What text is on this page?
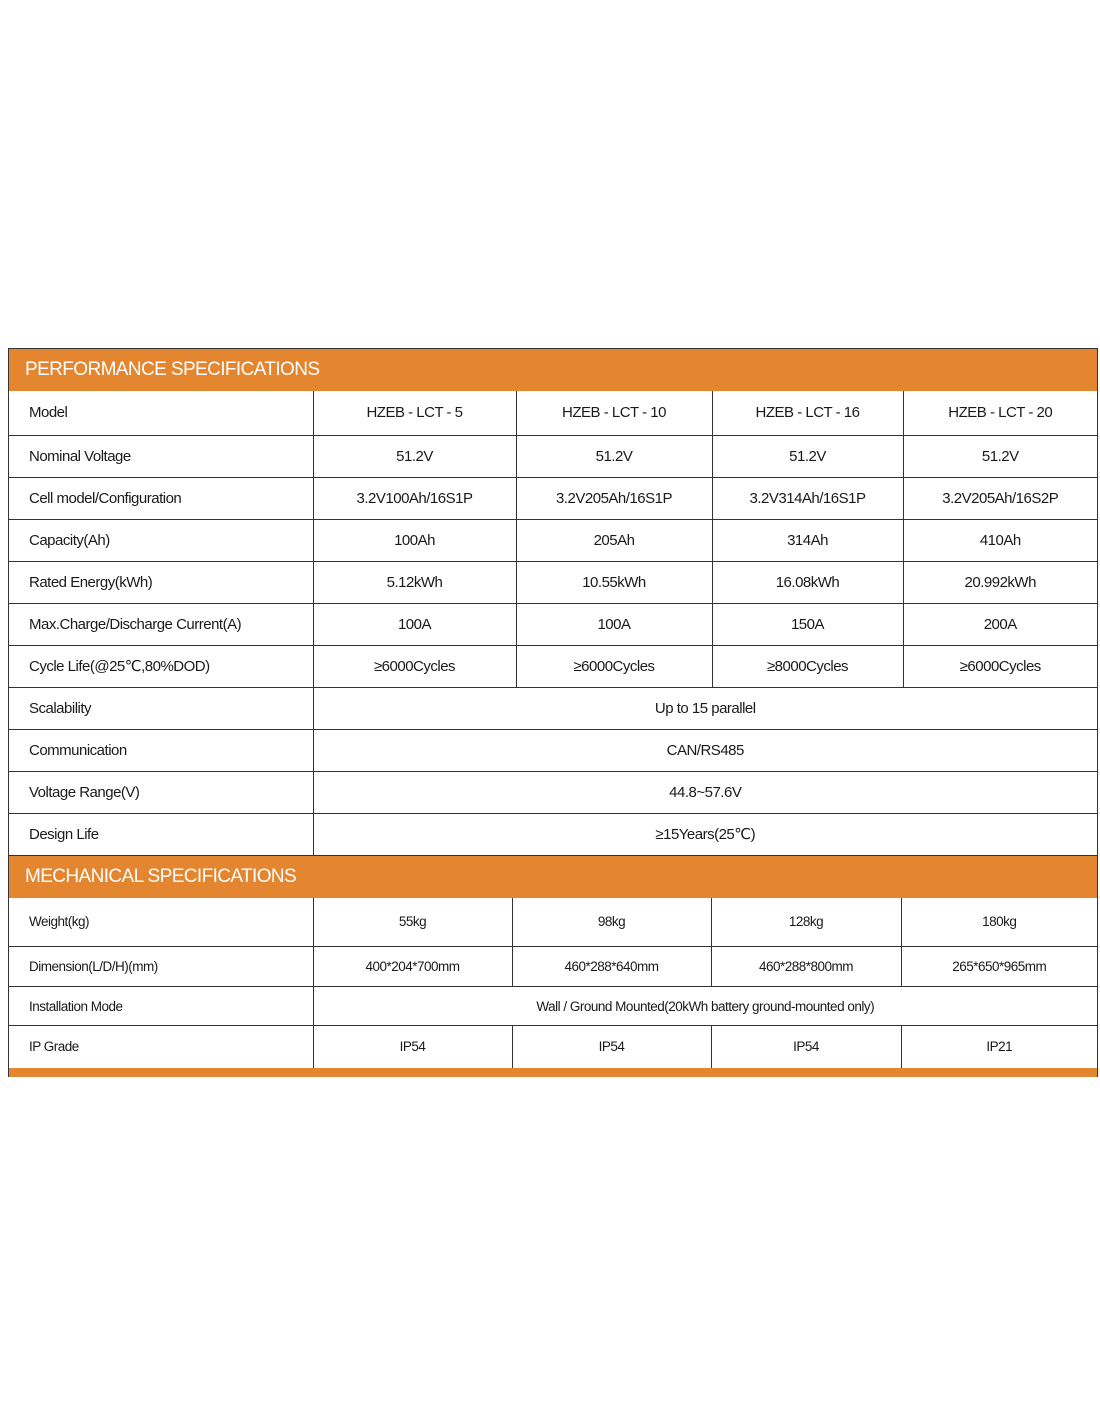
PERFORMANCE SPECIFICATIONS
Model	HZEB - LCT - 5	HZEB - LCT - 10	HZEB - LCT - 16	HZEB - LCT - 20
Nominal Voltage	51.2V	51.2V	51.2V	51.2V
Cell model/Configuration	3.2V100Ah/16S1P	3.2V205Ah/16S1P	3.2V314Ah/16S1P	3.2V205Ah/16S2P
Capacity(Ah)	100Ah	205Ah	314Ah	410Ah
Rated Energy(kWh)	5.12kWh	10.55kWh	16.08kWh	20.992kWh
Max.Charge/Discharge Current(A)	100A	100A	150A	200A
Cycle Life(@25℃,80%DOD)	≥6000Cycles	≥6000Cycles	≥8000Cycles	≥6000Cycles
Scalability	Up to 15 parallel			
Communication	CAN/RS485			
Voltage Range(V)	44.8~57.6V			
Design Life	≥15Years(25℃)			
MECHANICAL SPECIFICATIONS
Weight(kg)	55kg	98kg	128kg	180kg
Dimension(L/D/H)(mm)	400*204*700mm	460*288*640mm	460*288*800mm	265*650*965mm
Installation Mode	Wall / Ground Mounted(20kWh battery ground-mounted only)			
IP Grade	IP54	IP54	IP54	IP21
